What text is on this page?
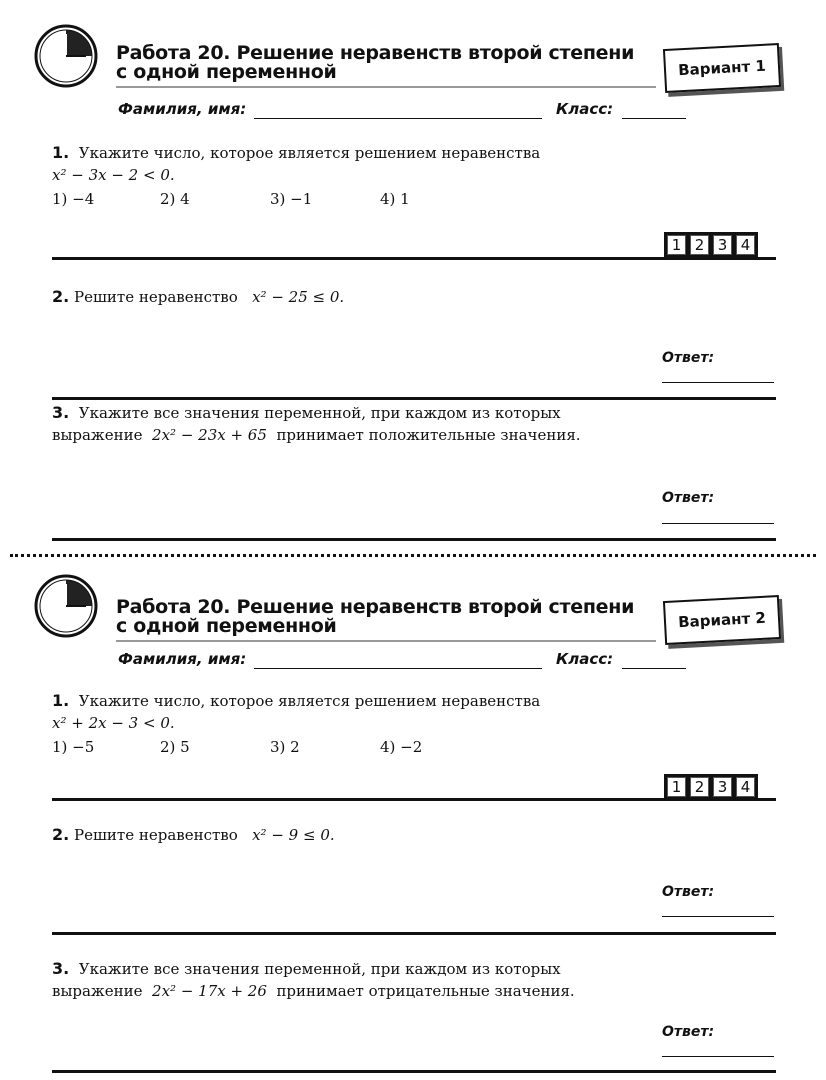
Работа 20. Решение неравенств второй степени
с одной переменной	Вариант 1
Фамилия, имя:	Класс:
1. Укажите число, которое является решением неравенства
x² − 3x − 2 < 0.
1) −4	2) 4	3) −1	4) 1
1 2 3 4
2. Решите неравенство x² − 25 ≤ 0.
Ответ:
3. Укажите все значения переменной, при каждом из которых
выражение 2x² − 23x + 65 принимает положительные значения.
Ответ:
Работа 20. Решение неравенств второй степени
с одной переменной	Вариант 2
Фамилия, имя:	Класс:
1. Укажите число, которое является решением неравенства
x² + 2x − 3 < 0.
1) −5	2) 5	3) 2	4) −2
1 2 3 4
2. Решите неравенство x² − 9 ≤ 0.
Ответ:
3. Укажите все значения переменной, при каждом из которых
выражение 2x² − 17x + 26 принимает отрицательные значения.
Ответ:
